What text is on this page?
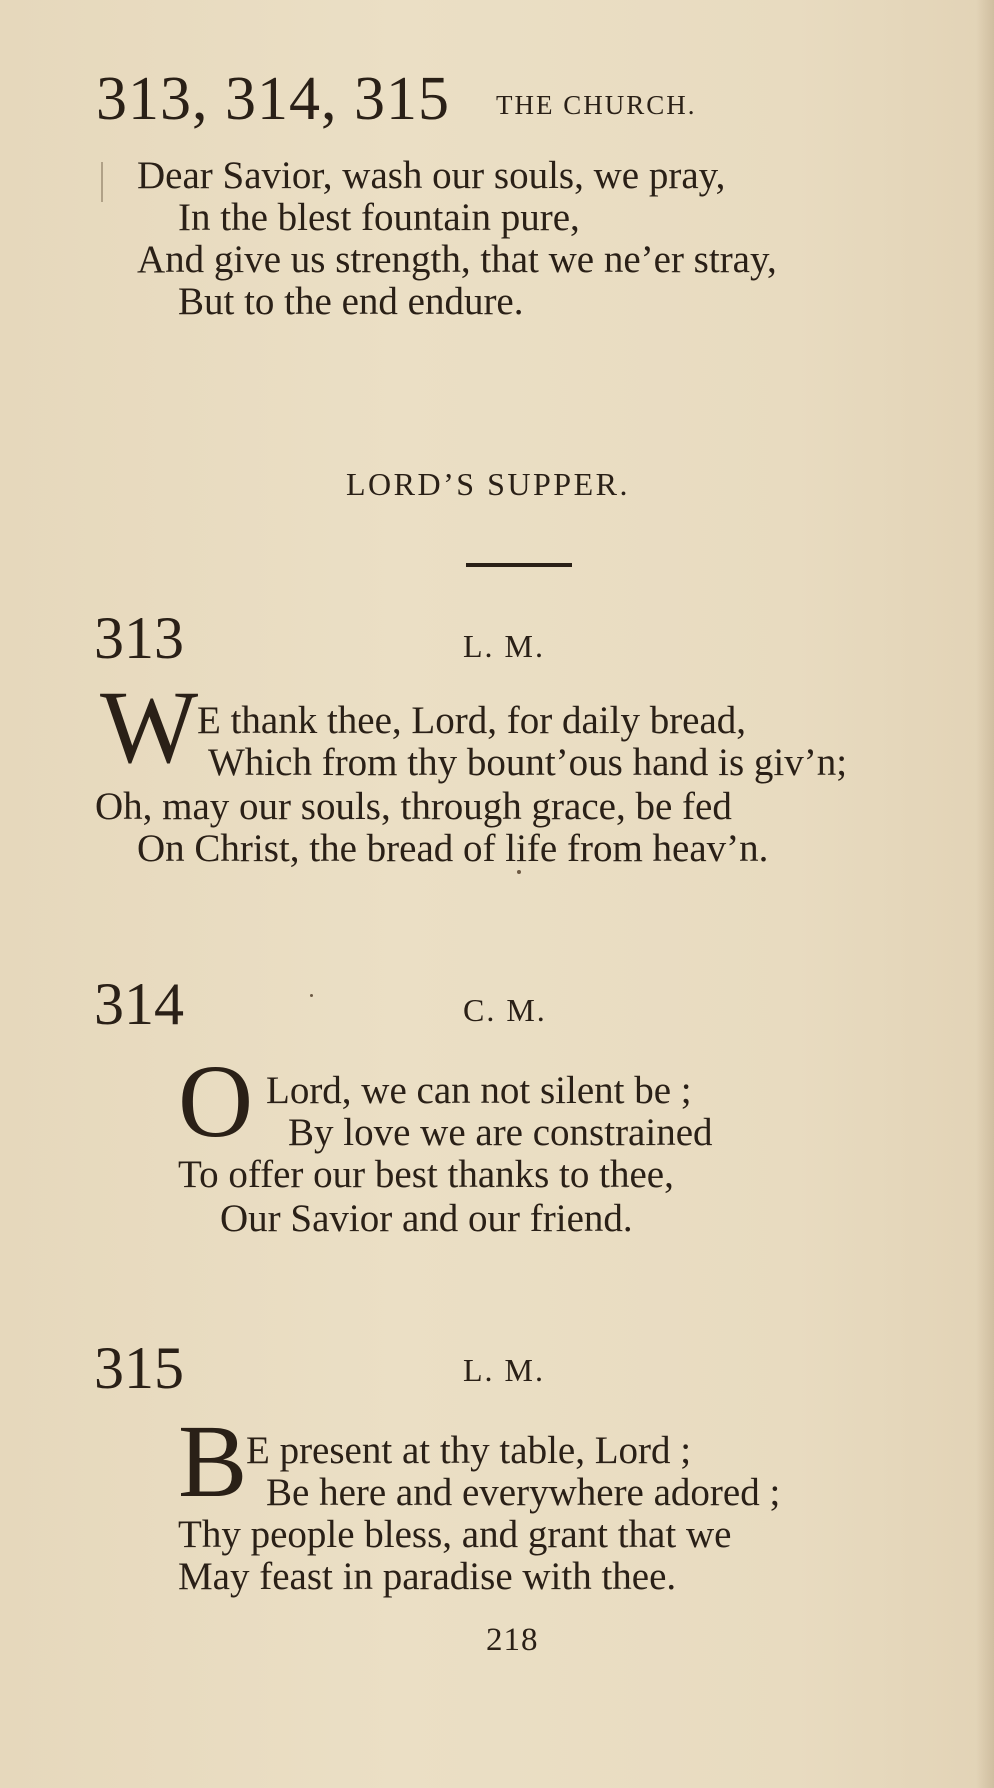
313, 314, 315 THE CHURCH.
Dear Savior, wash our souls, we pray,
In the blest fountain pure,
And give us strength, that we ne’er stray,
But to the end endure.
LORD’S SUPPER.
313	L. M.
W
E thank thee, Lord, for daily bread,
Which from thy bount’ous hand is giv’n;
Oh, may our souls, through grace, be fed
On Christ, the bread of life from heav’n.
314	C. M.
O Lord, we can not silent be ;
By love we are constrained
To offer our best thanks to thee,
Our Savior and our friend.
315	L. M.
B
E present at thy table, Lord ;
Be here and everywhere adored ;
Thy people bless, and grant that we
May feast in paradise with thee.
218
